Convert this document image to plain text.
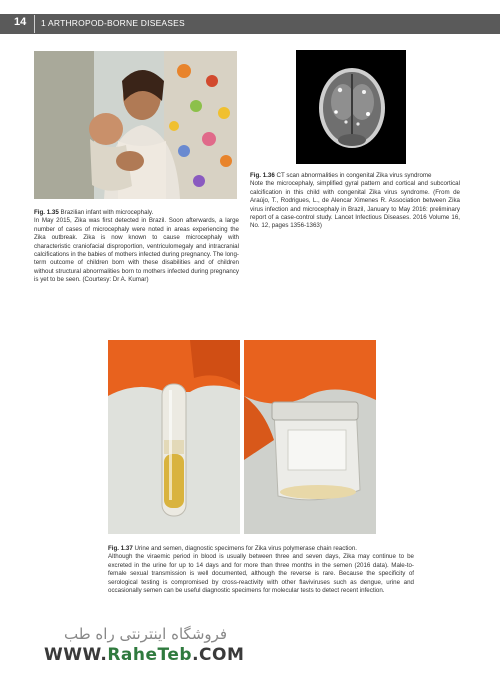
14 1 ARTHROPOD-BORNE DISEASES
Fig. 1.35 Brazilian infant with microcephaly.
In May 2015, Zika was first detected in Brazil. Soon afterwards, a large number of cases of microcephaly were noted in areas experiencing the Zika outbreak. Zika is now known to cause microcephaly with characteristic craniofacial disproportion, ventriculomegaly and intracranial calcifications in the babies of mothers infected during pregnancy. The long-term outcome of children born with these disabilities and of children without structural abnormalities born to mothers infected during pregnancy is yet to be seen. (Courtesy: Dr A. Kumar)
Fig. 1.36 CT scan abnormalities in congenital Zika virus syndrome
Note the microcephaly, simplified gyral pattern and cortical and subcortical calcification in this child with congenital Zika virus syndrome. (From de Araújo, T., Rodrigues, L., de Alencar Ximenes R. Association between Zika virus infection and microcephaly in Brazil, January to May 2016: preliminary report of a case-control study. Lancet Infectious Diseases. 2016 Volume 16, No. 12, pages 1356-1363)
Fig. 1.37 Urine and semen, diagnostic specimens for Zika virus polymerase chain reaction.
Although the viraemic period in blood is usually between three and seven days, Zika may continue to be excreted in the urine for up to 14 days and for more than three months in the semen (2016 data). Male-to-female sexual transmission is well documented, although the reverse is rare. Because the specificity of serological testing is compromised by cross-reactivity with other flaviviruses such as dengue, urine and occasionally semen can be useful diagnostic specimens for molecular tests to detect recent infection.
فروشگاه اینترنتی راه طب
WWW.RaheTeb.COM
